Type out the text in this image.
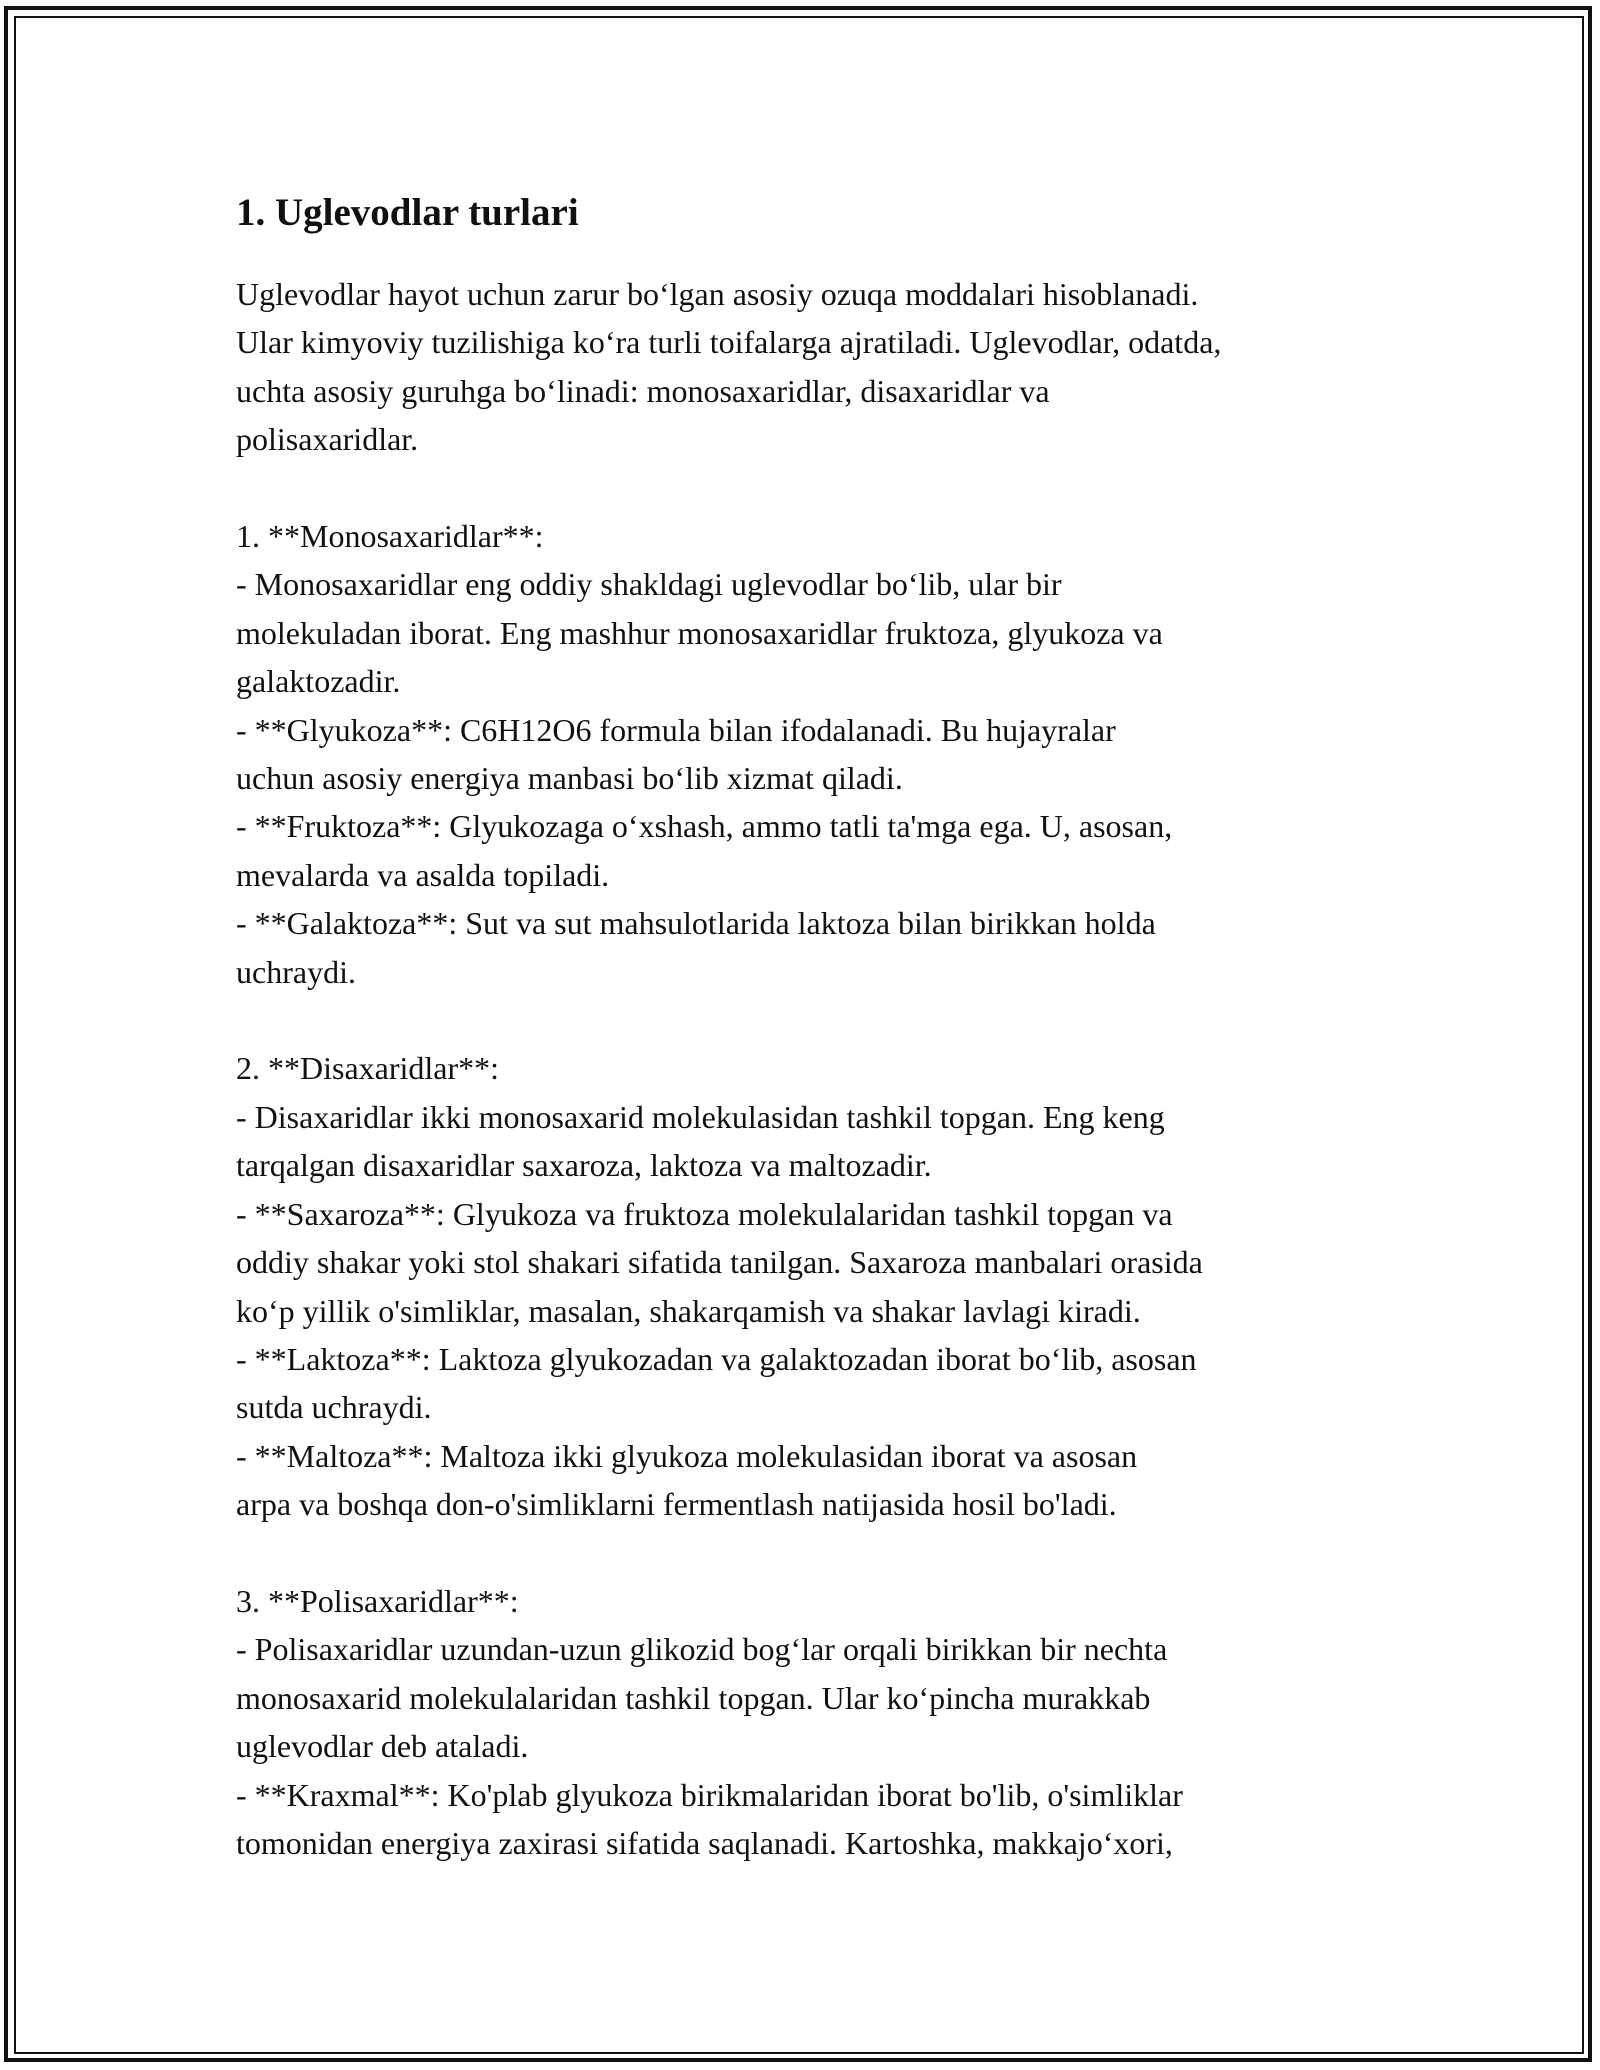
1. Uglevodlar turlari

Uglevodlar hayot uchun zarur bo‘lgan asosiy ozuqa moddalari hisoblanadi.
Ular kimyoviy tuzilishiga ko‘ra turli toifalarga ajratiladi. Uglevodlar, odatda,
uchta asosiy guruhga bo‘linadi: monosaxaridlar, disaxaridlar va
polisaxaridlar.

1. **Monosaxaridlar**:
- Monosaxaridlar eng oddiy shakldagi uglevodlar bo‘lib, ular bir
molekuladan iborat. Eng mashhur monosaxaridlar fruktoza, glyukoza va
galaktozadir.
- **Glyukoza**: C6H12O6 formula bilan ifodalanadi. Bu hujayralar
uchun asosiy energiya manbasi bo‘lib xizmat qiladi.
- **Fruktoza**: Glyukozaga o‘xshash, ammo tatli ta'mga ega. U, asosan,
mevalarda va asalda topiladi.
- **Galaktoza**: Sut va sut mahsulotlarida laktoza bilan birikkan holda
uchraydi.

2. **Disaxaridlar**:
- Disaxaridlar ikki monosaxarid molekulasidan tashkil topgan. Eng keng
tarqalgan disaxaridlar saxaroza, laktoza va maltozadir.
- **Saxaroza**: Glyukoza va fruktoza molekulalaridan tashkil topgan va
oddiy shakar yoki stol shakari sifatida tanilgan. Saxaroza manbalari orasida
ko‘p yillik o'simliklar, masalan, shakarqamish va shakar lavlagi kiradi.
- **Laktoza**: Laktoza glyukozadan va galaktozadan iborat bo‘lib, asosan
sutda uchraydi.
- **Maltoza**: Maltoza ikki glyukoza molekulasidan iborat va asosan
arpa va boshqa don-o'simliklarni fermentlash natijasida hosil bo'ladi.

3. **Polisaxaridlar**:
- Polisaxaridlar uzundan-uzun glikozid bog‘lar orqali birikkan bir nechta
monosaxarid molekulalaridan tashkil topgan. Ular ko‘pincha murakkab
uglevodlar deb ataladi.
- **Kraxmal**: Ko'plab glyukoza birikmalaridan iborat bo'lib, o'simliklar
tomonidan energiya zaxirasi sifatida saqlanadi. Kartoshka, makkajo‘xori,
